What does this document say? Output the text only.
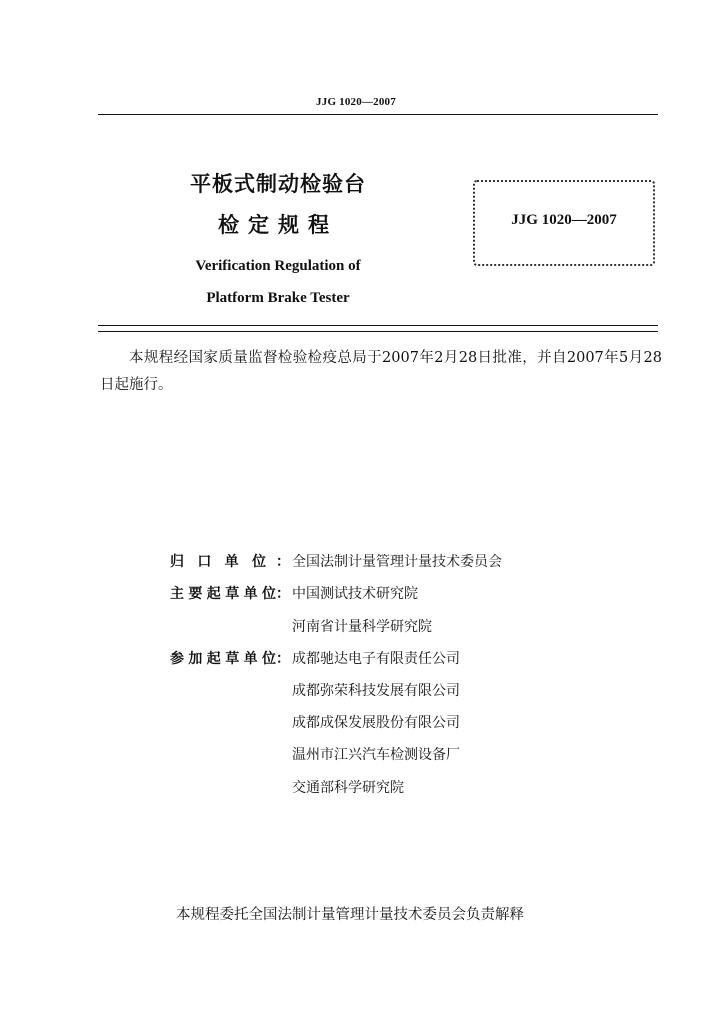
JJG 1020—2007
平板式制动检验台
检定规程
Verification Regulation of
Platform Brake Tester
JJG 1020—2007
本规程经国家质量监督检验检疫总局于2007年2月28日批准，并自2007年5月28日起施行。
归口单位 ： 全国法制计量管理计量技术委员会
主要起草单位 ： 中国测试技术研究院
河南省计量科学研究院
参加起草单位 ： 成都驰达电子有限责任公司
成都弥荣科技发展有限公司
成都成保发展股份有限公司
温州市江兴汽车检测设备厂
交通部科学研究院
本规程委托全国法制计量管理计量技术委员会负责解释
